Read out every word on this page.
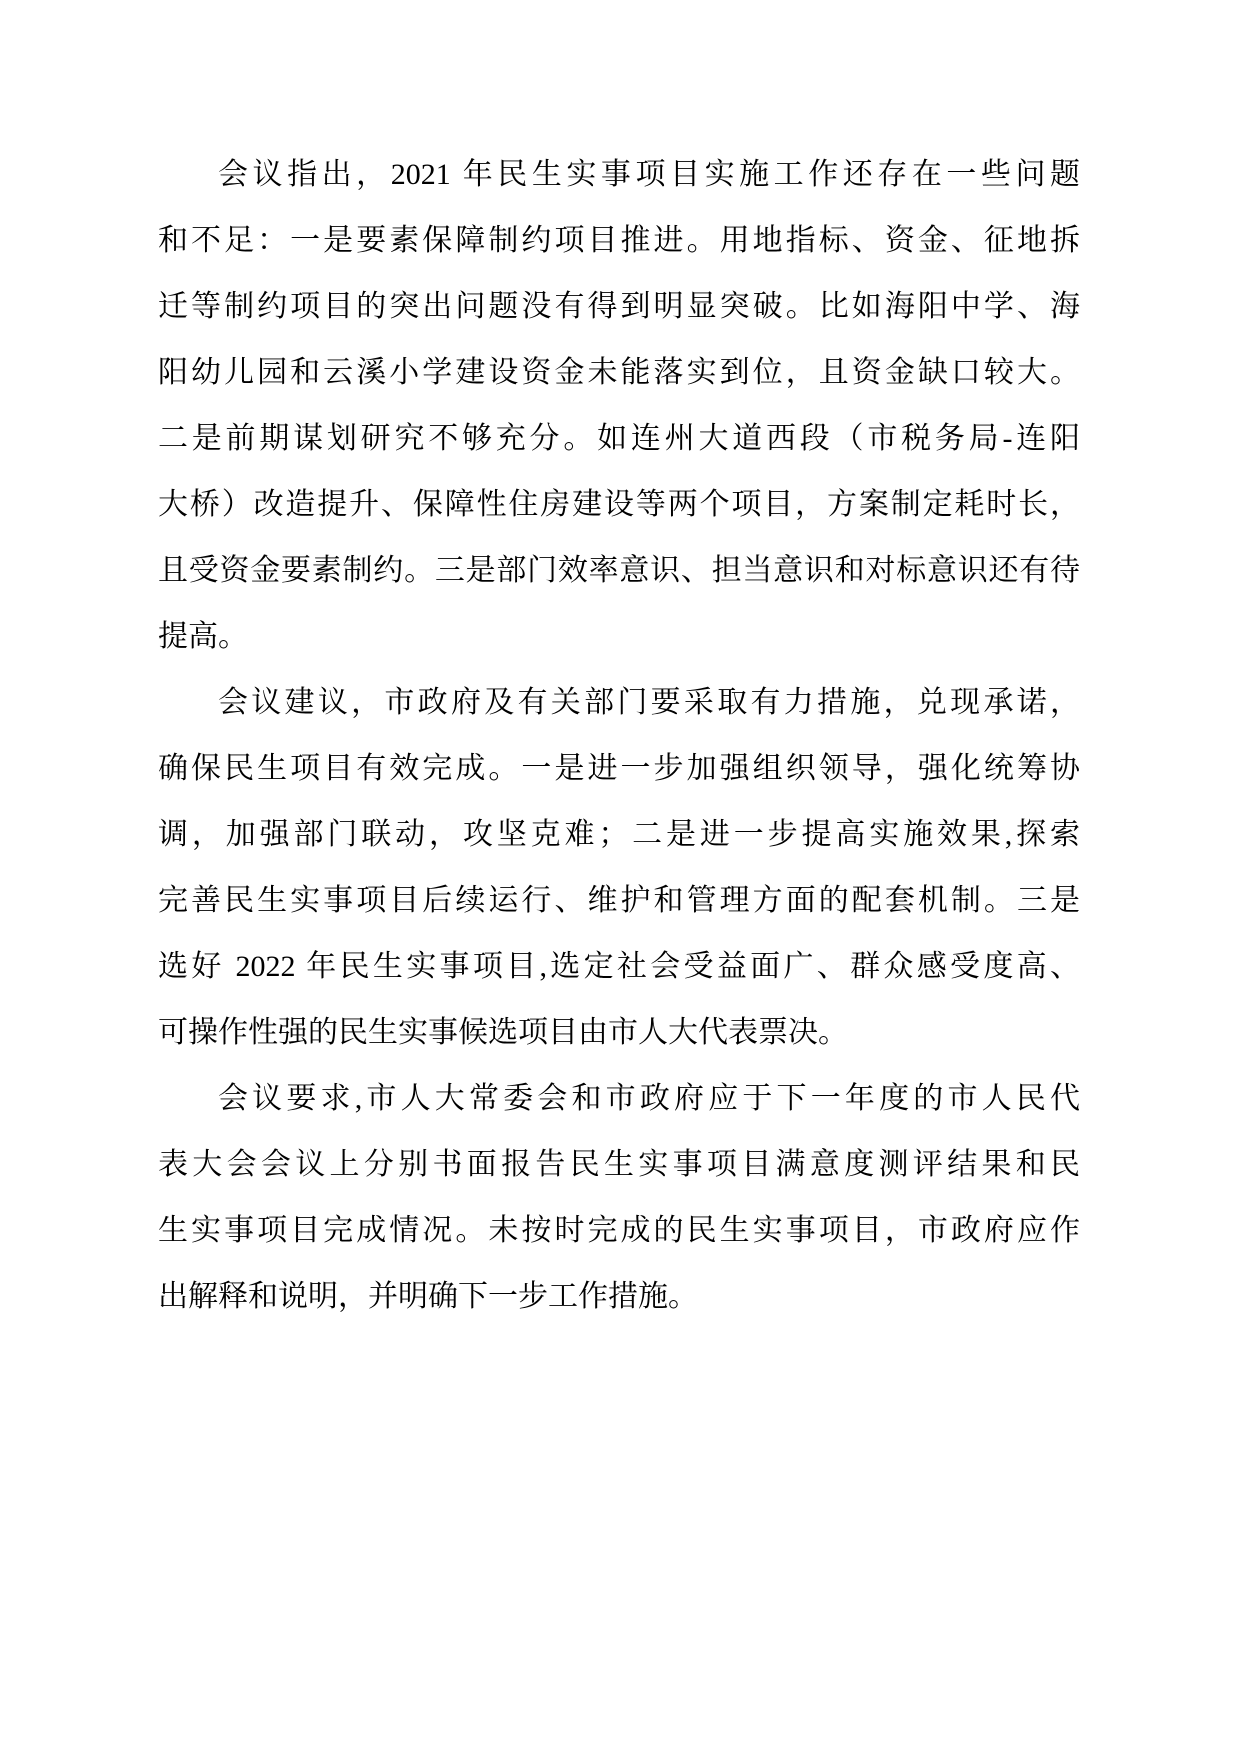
会议指出，2021 年民生实事项目实施工作还存在一些问题
和不足：一是要素保障制约项目推进。用地指标、资金、征地拆
迁等制约项目的突出问题没有得到明显突破。比如海阳中学、海
阳幼儿园和云溪小学建设资金未能落实到位，且资金缺口较大。
二是前期谋划研究不够充分。如连州大道西段（市税务局-连阳
大桥）改造提升、保障性住房建设等两个项目，方案制定耗时长，
且受资金要素制约。三是部门效率意识、担当意识和对标意识还有待
提高。
会议建议，市政府及有关部门要采取有力措施，兑现承诺，
确保民生项目有效完成。一是进一步加强组织领导，强化统筹协
调，加强部门联动，攻坚克难；二是进一步提高实施效果,探索
完善民生实事项目后续运行、维护和管理方面的配套机制。三是
选好 2022 年民生实事项目,选定社会受益面广、群众感受度高、
可操作性强的民生实事候选项目由市人大代表票决。
会议要求,市人大常委会和市政府应于下一年度的市人民代
表大会会议上分别书面报告民生实事项目满意度测评结果和民
生实事项目完成情况。未按时完成的民生实事项目，市政府应作
出解释和说明，并明确下一步工作措施。
